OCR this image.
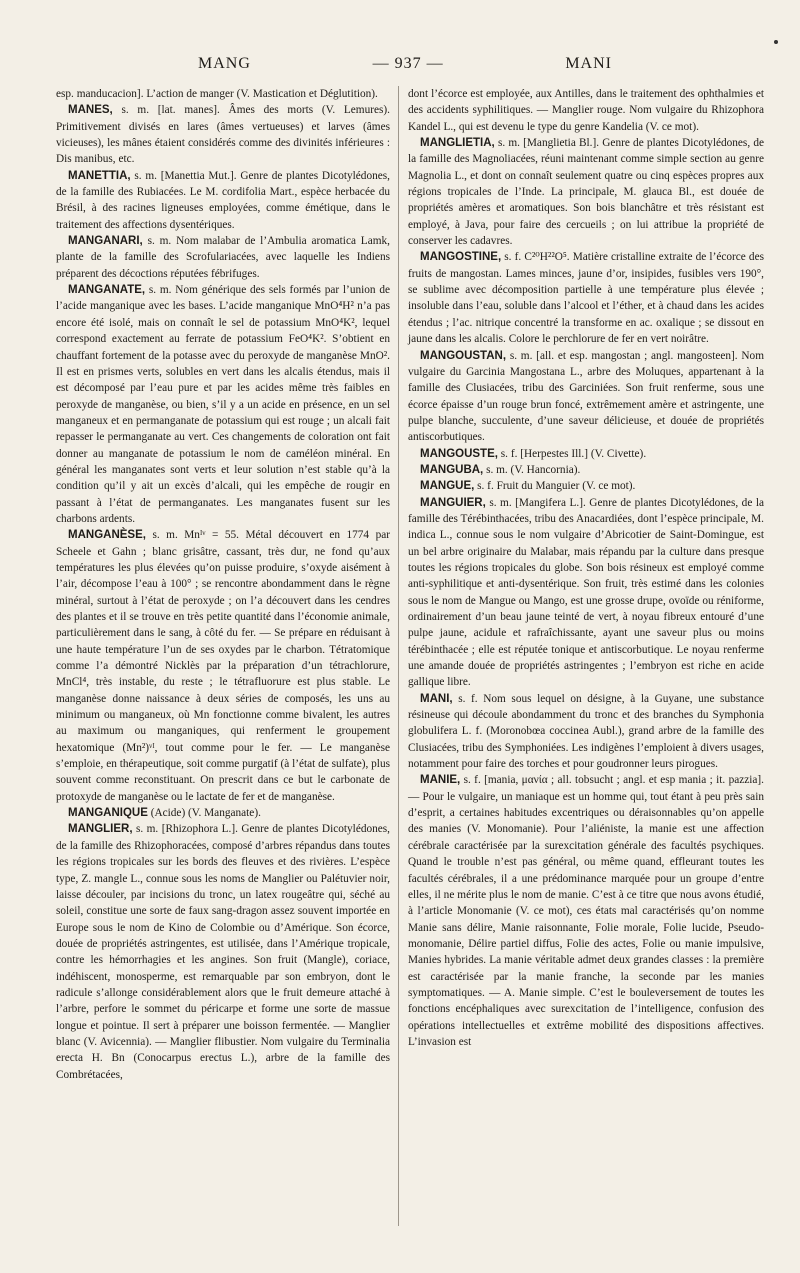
MANG	— 937 —	MANI

esp. manducacion]. L’action de manger (V. Mastication et Déglutition).

MANES, s. m. [lat. manes]. Âmes des morts (V. Lemures). Primitivement divisés en lares (âmes vertueuses) et larves (âmes vicieuses), les mânes étaient considérés comme des divinités inférieures : Dis manibus, etc.

MANETTIA, s. m. [Manettia Mut.]. Genre de plantes Dicotylédones, de la famille des Rubiacées. Le M. cordifolia Mart., espèce herbacée du Brésil, à des racines ligneuses employées, comme émétique, dans le traitement des affections dysentériques.

MANGANARI, s. m. Nom malabar de l’Ambulia aromatica Lamk, plante de la famille des Scrofulariacées, avec laquelle les Indiens préparent des décoctions réputées fébrifuges.

MANGANATE, s. m. Nom générique des sels formés par l’union de l’acide manganique avec les bases. L’acide manganique MnO⁴H² n’a pas encore été isolé, mais on connaît le sel de potassium MnO⁴K², lequel correspond exactement au ferrate de potassium FeO⁴K². S’obtient en chauffant fortement de la potasse avec du peroxyde de manganèse MnO². Il est en prismes verts, solubles en vert dans les alcalis étendus, mais il est décomposé par l’eau pure et par les acides même très faibles en peroxyde de manganèse, ou bien, s’il y a un acide en présence, en un sel manganeux et en permanganate de potassium qui est rouge ; un alcali fait repasser le permanganate au vert. Ces changements de coloration ont fait donner au manganate de potassium le nom de caméléon minéral. En général les manganates sont verts et leur solution n’est stable qu’à la condition qu’il y ait un excès d’alcali, qui les empêche de rougir en passant à l’état de permanganates. Les manganates fusent sur les charbons ardents.

MANGANÈSE, s. m. Mnᴵᵛ = 55. Métal découvert en 1774 par Scheele et Gahn ; blanc grisâtre, cassant, très dur, ne fond qu’aux températures les plus élevées qu’on puisse produire, s’oxyde aisément à l’air, décompose l’eau à 100° ; se rencontre abondamment dans le règne minéral, surtout à l’état de peroxyde ; on l’a découvert dans les cendres des plantes et il se trouve en très petite quantité dans l’économie animale, particulièrement dans le sang, à côté du fer. — Se prépare en réduisant à une haute température l’un de ses oxydes par le charbon. Tétratomique comme l’a démontré Nicklès par la préparation d’un tétrachlorure, MnCl⁴, très instable, du reste ; le tétrafluorure est plus stable. Le manganèse donne naissance à deux séries de composés, les uns au minimum ou manganeux, où Mn fonctionne comme bivalent, les autres au maximum ou manganiques, qui renferment le groupement hexatomique (Mn²)ᵛᴵ, tout comme pour le fer. — Le manganèse s’emploie, en thérapeutique, soit comme purgatif (à l’état de sulfate), plus souvent comme reconstituant. On prescrit dans ce but le carbonate de protoxyde de manganèse ou le lactate de fer et de manganèse.

MANGANIQUE (Acide) (V. Manganate).

MANGLIER, s. m. [Rhizophora L.]. Genre de plantes Dicotylédones, de la famille des Rhizophoracées, composé d’arbres répandus dans toutes les régions tropicales sur les bords des fleuves et des rivières. L’espèce type, Z. mangle L., connue sous les noms de Manglier ou Palétuvier noir, laisse découler, par incisions du tronc, un latex rougeâtre qui, séché au soleil, constitue une sorte de faux sang-dragon assez souvent importée en Europe sous le nom de Kino de Colombie ou d’Amérique. Son écorce, douée de propriétés astringentes, est utilisée, dans l’Amérique tropicale, contre les hémorrhagies et les angines. Son fruit (Mangle), coriace, indéhiscent, monosperme, est remarquable par son embryon, dont le radicule s’allonge considérablement alors que le fruit demeure attaché à l’arbre, perfore le sommet du péricarpe et forme une sorte de massue longue et pointue. Il sert à préparer une boisson fermentée. — Manglier blanc (V. Avicennia). — Manglier flibustier. Nom vulgaire du Terminalia erecta H. Bn (Conocarpus erectus L.), arbre de la famille des Combrétacées,

dont l’écorce est employée, aux Antilles, dans le traitement des ophthalmies et des accidents syphilitiques. — Manglier rouge. Nom vulgaire du Rhizophora Kandel L., qui est devenu le type du genre Kandelia (V. ce mot).

MANGLIETIA, s. m. [Manglietia Bl.]. Genre de plantes Dicotylédones, de la famille des Magnoliacées, réuni maintenant comme simple section au genre Magnolia L., et dont on connaît seulement quatre ou cinq espèces propres aux régions tropicales de l’Inde. La principale, M. glauca Bl., est douée de propriétés amères et aromatiques. Son bois blanchâtre et très résistant est employé, à Java, pour faire des cercueils ; on lui attribue la propriété de conserver les cadavres.

MANGOSTINE, s. f. C²⁰H²²O⁵. Matière cristalline extraite de l’écorce des fruits de mangostan. Lames minces, jaune d’or, insipides, fusibles vers 190°, se sublime avec décomposition partielle à une température plus élevée ; insoluble dans l’eau, soluble dans l’alcool et l’éther, et à chaud dans les acides étendus ; l’ac. nitrique concentré la transforme en ac. oxalique ; se dissout en jaune dans les alcalis. Colore le perchlorure de fer en vert noirâtre.

MANGOUSTAN, s. m. [all. et esp. mangostan ; angl. mangosteen]. Nom vulgaire du Garcinia Mangostana L., arbre des Moluques, appartenant à la famille des Clusiacées, tribu des Garciniées. Son fruit renferme, sous une écorce épaisse d’un rouge brun foncé, extrêmement amère et astringente, une pulpe blanche, succulente, d’une saveur délicieuse, et douée de propriétés antiscorbutiques.

MANGOUSTE, s. f. [Herpestes Ill.] (V. Civette).

MANGUBA, s. m. (V. Hancornia).

MANGUE, s. f. Fruit du Manguier (V. ce mot).

MANGUIER, s. m. [Mangifera L.]. Genre de plantes Dicotylédones, de la famille des Térébinthacées, tribu des Anacardiées, dont l’espèce principale, M. indica L., connue sous le nom vulgaire d’Abricotier de Saint-Domingue, est un bel arbre originaire du Malabar, mais répandu par la culture dans presque toutes les régions tropicales du globe. Son bois résineux est employé comme anti-syphilitique et anti-dysentérique. Son fruit, très estimé dans les colonies sous le nom de Mangue ou Mango, est une grosse drupe, ovoïde ou réniforme, ordinairement d’un beau jaune teinté de vert, à noyau fibreux entouré d’une pulpe jaune, acidule et rafraîchissante, ayant une saveur plus ou moins térébinthacée ; elle est réputée tonique et antiscorbutique. Le noyau renferme une amande douée de propriétés astringentes ; l’embryon est riche en acide gallique libre.

MANI, s. f. Nom sous lequel on désigne, à la Guyane, une substance résineuse qui découle abondamment du tronc et des branches du Symphonia globulifera L. f. (Moronobœa coccinea Aubl.), grand arbre de la famille des Clusiacées, tribu des Symphoniées. Les indigènes l’emploient à divers usages, notamment pour faire des torches et pour goudronner leurs pirogues.

MANIE, s. f. [mania, μανία ; all. tobsucht ; angl. et esp mania ; it. pazzia]. — Pour le vulgaire, un maniaque est un homme qui, tout étant à peu près sain d’esprit, a certaines habitudes excentriques ou déraisonnables qu’on appelle des manies (V. Monomanie). Pour l’aliéniste, la manie est une affection cérébrale caractérisée par la surexcitation générale des facultés psychiques. Quand le trouble n’est pas général, ou même quand, effleurant toutes les facultés cérébrales, il a une prédominance marquée pour un groupe d’entre elles, il ne mérite plus le nom de manie. C’est à ce titre que nous avons étudié, à l’article Monomanie (V. ce mot), ces états mal caractérisés qu’on nomme Manie sans délire, Manie raisonnante, Folie morale, Folie lucide, Pseudo-monomanie, Délire partiel diffus, Folie des actes, Folie ou manie impulsive, Manies hybrides. La manie véritable admet deux grandes classes : la première est caractérisée par la manie franche, la seconde par les manies symptomatiques. — A. Manie simple. C’est le bouleversement de toutes les fonctions encéphaliques avec surexcitation de l’intelligence, confusion des opérations intellectuelles et extrême mobilité des dispositions affectives. L’invasion est
